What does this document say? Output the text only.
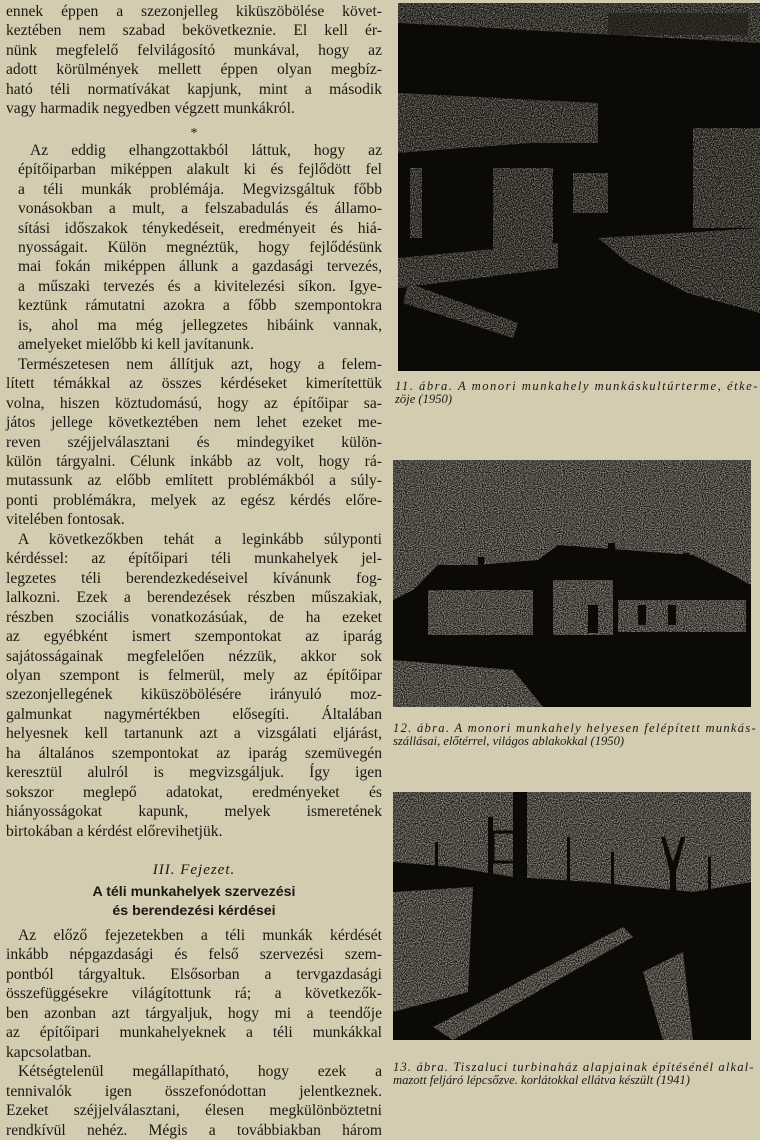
ennek éppen a szezonjelleg kiküszöbölése követ-
keztében nem szabad bekövetkeznie. El kell ér-
nünk megfelelő felvilágosító munkával, hogy az
adott körülmények mellett éppen olyan megbíz-
ható téli normatívákat kapjunk, mint a második
vagy harmadik negyedben végzett munkákról.

*

Az eddig elhangzottakból láttuk, hogy az
építőiparban miképpen alakult ki és fejlődött fel
a téli munkák problémája. Megvizsgáltuk főbb
vonásokban a mult, a felszabadulás és államo-
sítási időszakok ténykedéseit, eredményeit és hiá-
nyosságait. Külön megnéztük, hogy fejlődésünk
mai fokán miképpen állunk a gazdasági tervezés,
a műszaki tervezés és a kivitelezési síkon. Igye-
keztünk rámutatni azokra a főbb szempontokra
is, ahol ma még jellegzetes hibáink vannak,
amelyeket mielőbb ki kell javítanunk.

Természetesen nem állítjuk azt, hogy a felem-
lített témákkal az összes kérdéseket kimerítettük
volna, hiszen köztudomású, hogy az építőipar sa-
játos jellege következtében nem lehet ezeket me-
reven széjjelválasztani és mindegyiket külön-
külön tárgyalni. Célunk inkább az volt, hogy rá-
mutassunk az előbb említett problémákból a súly-
ponti problémákra, melyek az egész kérdés előre-
vitelében fontosak.

A következőkben tehát a leginkább súlyponti
kérdéssel: az építőipari téli munkahelyek jel-
legzetes téli berendezkedéseivel kívánunk fog-
lalkozni. Ezek a berendezések részben műszakiak,
részben szociális vonatkozásúak, de ha ezeket
az egyébként ismert szempontokat az iparág
sajátosságainak megfelelően nézzük, akkor sok
olyan szempont is felmerül, mely az építőipar
szezonjellegének kiküszöbölésére irányuló moz-
galmunkat nagymértékben elősegíti. Általában
helyesnek kell tartanunk azt a vizsgálati eljárást,
ha általános szempontokat az iparág szemüvegén
keresztül alulról is megvizsgáljuk. Így igen
sokszor meglepő adatokat, eredményeket és
hiányosságokat kapunk, melyek ismeretének
birtokában a kérdést előrevihetjük.

III. Fejezet.
A téli munkahelyek szervezési
és berendezési kérdései

Az előző fejezetekben a téli munkák kérdését
inkább népgazdasági és felső szervezési szem-
pontból tárgyaltuk. Elsősorban a tervgazdasági
összefüggésekre világítottunk rá; a következők-
ben azonban azt tárgyaljuk, hogy mi a teendője
az építőipari munkahelyeknek a téli munkákkal
kapcsolatban.

Kétségtelenül megállapítható, hogy ezek a
tennivalók igen összefonódottan jelentkeznek.
Ezeket széjjelválasztani, élesen megkülönböztetni
rendkívül nehéz. Mégis a továbbiakban három

11. ábra. A monori munkahely munkáskultúrterme, étke-
zöje (1950)
12. ábra. A monori munkahely helyesen felépített munkás-
szállásai, előtérrel, világos ablakokkal (1950)
13. ábra. Tiszaluci turbinaház alapjainak építésénél alkal-
mazott feljáró lépcsőzve. korlátokkal ellátva készült (1941)
